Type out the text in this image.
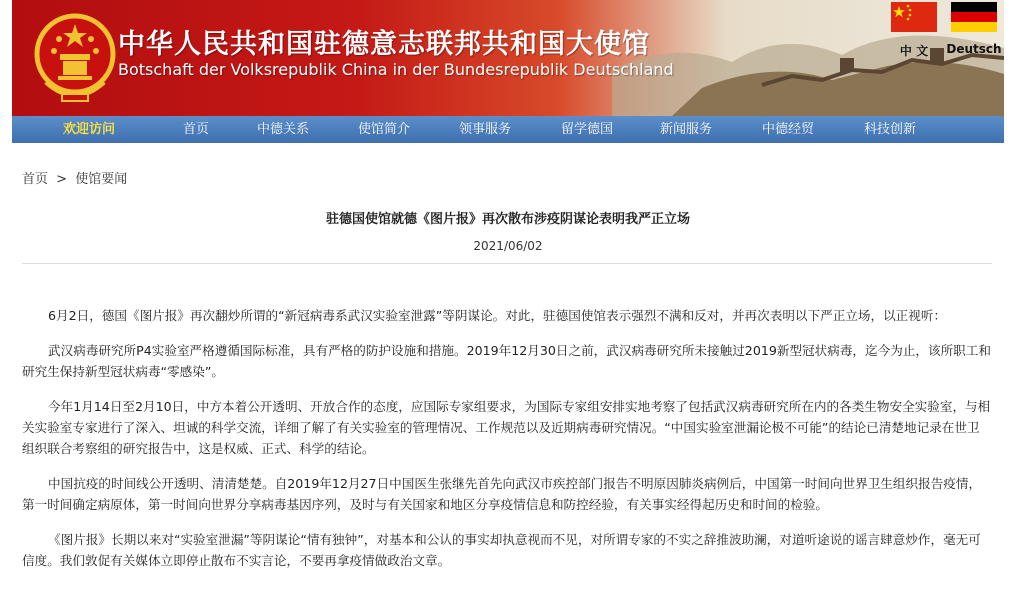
中华人民共和国驻德意志联邦共和国大使馆
Botschaft der Volksrepublik China in der Bundesrepublik Deutschland
中 文	Deutsch
欢迎访问	首页	中德关系	使馆简介	领事服务	留学德国	新闻服务	中德经贸	科技创新
首页 > 使馆要闻
驻德国使馆就德《图片报》再次散布涉疫阴谋论表明我严正立场
2021/06/02

6月2日，德国《图片报》再次翻炒所谓的“新冠病毒系武汉实验室泄露”等阴谋论。对此，驻德国使馆表示强烈不满和反对，并再次表明以下严正立场，以正视听：

武汉病毒研究所P4实验室严格遵循国际标准，具有严格的防护设施和措施。2019年12月30日之前，武汉病毒研究所未接触过2019新型冠状病毒，迄今为止，该所职工和研究生保持新型冠状病毒“零感染”。

今年1月14日至2月10日，中方本着公开透明、开放合作的态度，应国际专家组要求，为国际专家组安排实地考察了包括武汉病毒研究所在内的各类生物安全实验室，与相关实验室专家进行了深入、坦诚的科学交流，详细了解了有关实验室的管理情况、工作规范以及近期病毒研究情况。“中国实验室泄漏论极不可能”的结论已清楚地记录在世卫组织联合考察组的研究报告中，这是权威、正式、科学的结论。

中国抗疫的时间线公开透明、清清楚楚。自2019年12月27日中国医生张继先首先向武汉市疾控部门报告不明原因肺炎病例后，中国第一时间向世界卫生组织报告疫情，第一时间确定病原体，第一时间向世界分享病毒基因序列，及时与有关国家和地区分享疫情信息和防控经验，有关事实经得起历史和时间的检验。

《图片报》长期以来对“实验室泄漏”等阴谋论“情有独钟”，对基本和公认的事实却执意视而不见，对所谓专家的不实之辞推波助澜，对道听途说的谣言肆意炒作，毫无可信度。我们敦促有关媒体立即停止散布不实言论，不要再拿疫情做政治文章。
